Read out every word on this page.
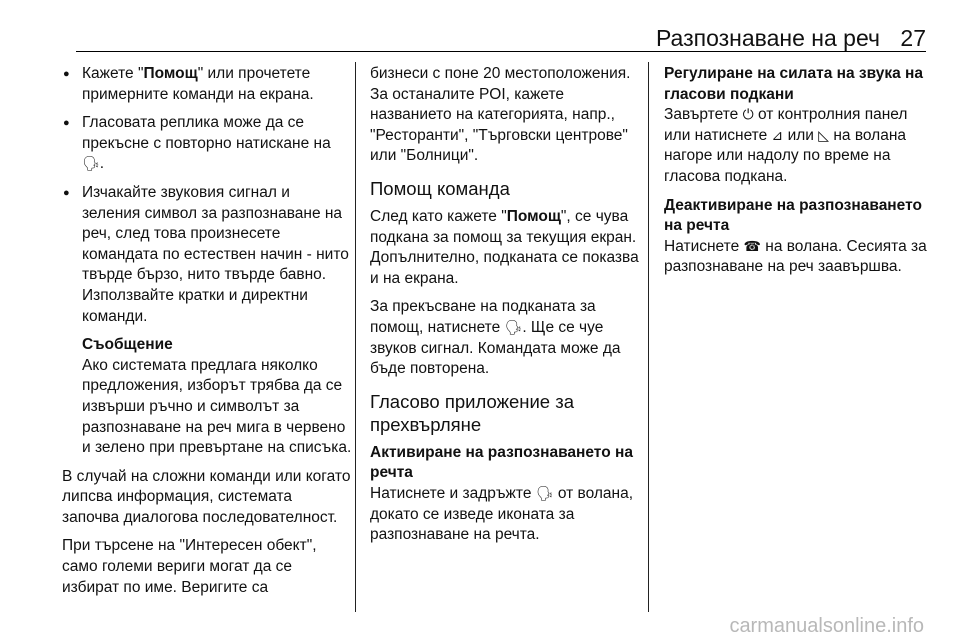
Разпознаване на реч 27
● Кажете "Помощ" или прочетете примерните команди на екрана.
● Гласовата реплика може да се прекъсне с повторно натискане на 🗣.
● Изчакайте звуковия сигнал и зеления символ за разпознаване на реч, след това произнесете командата по естествен начин - нито твърде бързо, нито твърде бавно. Използвайте кратки и директни команди.
Съобщение
Ако системата предлага няколко предложения, изборът трябва да се извърши ръчно и символът за разпознаване на реч мига в червено и зелено при превъртане на списъка.

В случай на сложни команди или когато липсва информация, системата започва диалогова последователност.

При търсене на "Интересен обект", само големи вериги могат да се избират по име. Веригите са

бизнеси с поне 20 местоположения. За останалите POI, кажете названието на категорията, напр., "Ресторанти", "Търговски центрове" или "Болници".

Помощ команда

След като кажете "Помощ", се чува подкана за помощ за текущия екран. Допълнително, подканата се показва и на екрана.

За прекъсване на подканата за помощ, натиснете 🗣. Ще се чуе звуков сигнал. Командата може да бъде повторена.

Гласово приложение за прехвърляне
Активиране на разпознаването на речта

Натиснете и задръжте 🗣 от волана, докато се изведе иконата за разпознаване на речта.

Регулиране на силата на звука на гласови подкани

Завъртете ⏻ от контролния панел или натиснете ⊿ или ◺ на волана нагоре или надолу по време на гласова подкана.

Деактивиране на разпознаването на речта

Натиснете ☎ на волана. Сесията за разпознаване на реч заавършва.

carmanualsonline.info
